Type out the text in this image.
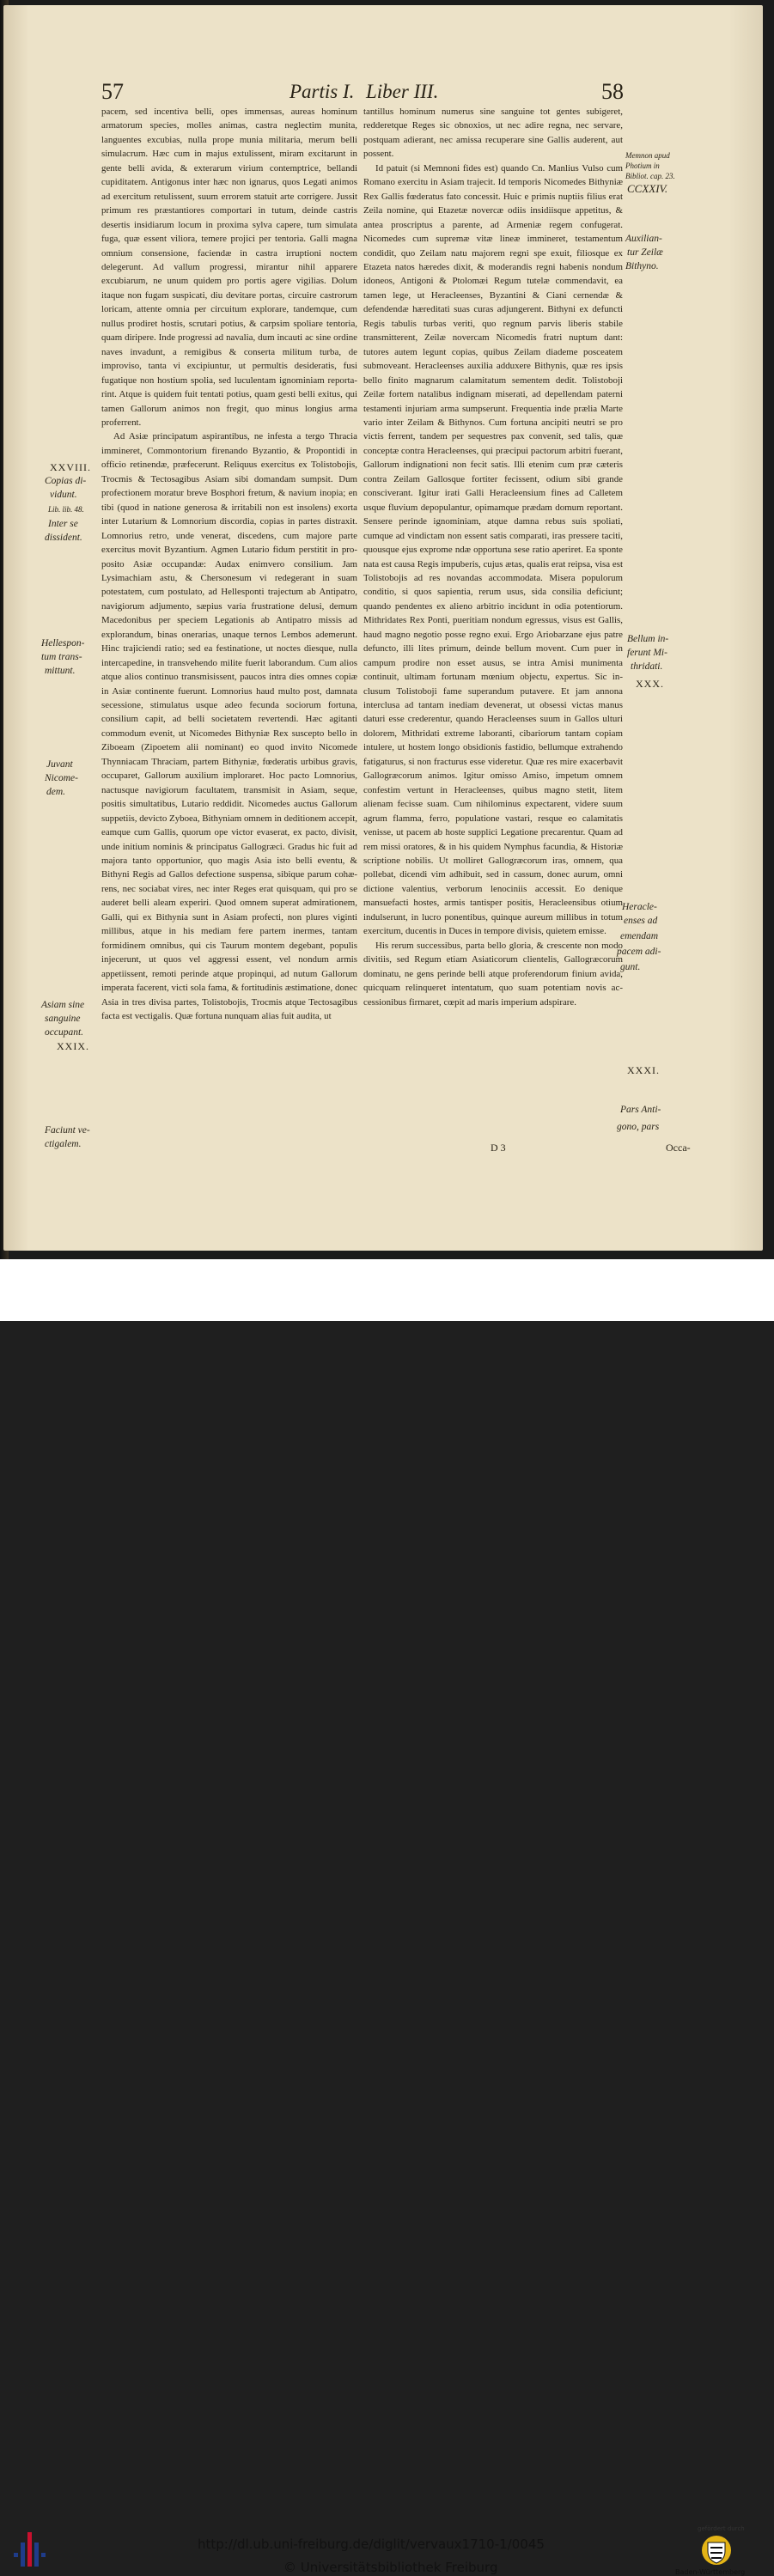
57	Partis I. Liber III.	58

pacem, sed incentiva belli, opes immensas, aureas hominum armatorum species, molles animas, castra neglectim munita, languentes excubias, nulla prope munia militaria, merum belli simulacrum. Hæc cum in majus extulissent, miram excitarunt in gente belli avida, & exterarum virium contemptrice, bellandi cupiditatem. Antigonus inter hæc non ignarus, quos Legati animos ad exercitum retulissent, suum errorem statuit arte corrigere. Jussit primum res præstantiores comportari in tutum, deinde castris desertis insidiarum locum in proxima sylva capere, tum simulata fuga, quæ essent viliora, temere projici per tentoria. Galli magna omnium consensione, faciendæ in castra irruptioni noctem delegerunt. Ad vallum progressi, mirantur nihil apparere excubiarum, ne unum quidem pro portis agere vigilias. Dolum itaque non fugam suspicati, diu devitare portas, circuire castrorum loricam, attente omnia per circuitum explorare, tandemque, cum nullus prodiret hostis, scrutari potius, & carpsim spoliare tentoria, quam diripere. Inde progressi ad navalia, dum incauti ac sine ordine naves invadunt, a remigibus & conserta militum turba, de improviso, tanta vi excipiuntur, ut permultis desideratis, fusi fugatique non hostium spolia, sed luculentam ignominiam reportarint. Atque is quidem fuit tentati potius, quam gesti belli exitus, qui tamen Gallorum animos non fregit, quo minus longius arma proferrent.

Ad Asiæ principatum aspirantibus, ne infesta a tergo Thracia immineret, Commontorium firenando Byzantio, & Propontidi in officio retinendæ, præfecerunt. Reliquus exercitus ex Tolistobojis, Trocmis & Tectosagibus Asiam sibi domandam sumpsit. Dum profectionem moratur breve Bosphori fretum, & navium inopia; en tibi (quod in natione generosa & irritabili non est insolens) exorta inter Lutarium & Lomnorium discordia, copias in partes distraxit. Lomnorius retro, unde venerat, discedens, cum majore parte exercitus movit Byzantium. Agmen Lutario fidum perstitit in proposito Asiæ occupandæ: Audax enimvero consilium. Jam Lysimachiam astu, & Chersonesum vi redegerant in suam potestatem, cum postulato, ad Hellesponti trajectum ab Antipatro, navigiorum adjumento, sæpius varia frustratione delusi, demum Macedonibus per speciem Legationis ab Antipatro missis ad explorandum, binas onerarias, unaque ternos Lembos ademerunt. Hinc trajiciendi ratio; sed ea festinatione, ut noctes diesque, nulla intercapedine, in transvehendo milite fuerit laborandum. Cum alios atque alios continuo transmisissent, paucos intra dies omnes copiæ in Asiæ continente fuerunt. Lomnorius haud multo post, damnata secessione, stimulatus usque adeo fecunda sociorum fortuna, consilium capit, ad belli societatem revertendi. Hæc agitanti commodum evenit, ut Nicomedes Bithyniæ Rex suscepto bello in Ziboeam (Zipoetem alii nominant) eo quod invito Nicomede Thynniacam Thraciam, partem Bithyniæ, fœderatis urbibus gravis, occuparet, Gallorum auxilium imploraret. Hoc pacto Lomnorius, nactusque navigiorum facultatem, transmisit in Asiam, seque, positis simultatibus, Lutario reddidit. Nicomedes auctus Gallorum suppetiis, devicto Zyboea, Bithyniam omnem in deditionem accepit, eamque cum Gallis, quorum ope victor evaserat, ex pacto, divisit, unde initium nominis & principatus Gallogræci. Gradus hic fuit ad majora tanto opportunior, quo magis Asia isto belli eventu, & Bithyni Regis ad Gallos defectione suspensa, sibique parum cohærens, nec sociabat vires, nec inter Reges erat quisquam, qui pro se auderet belli aleam experiri. Quod omnem superat admirationem, Galli, qui ex Bithynia sunt in Asiam profecti, non plures viginti millibus, atque in his mediam fere partem inermes, tantam formidinem omnibus, qui cis Taurum montem degebant, populis injecerunt, ut quos vel aggressi essent, vel nondum armis appetiissent, remoti perinde atque propinqui, ad nutum Gallorum imperata facerent, victi sola fama, & fortitudinis æstimatione, donec Asia in tres divisa partes, Tolistobojis, Trocmis atque Tectosagibus facta est vectigalis. Quæ fortuna nunquam alias fuit audita, ut

tantillus hominum numerus sine sanguine tot gentes subigeret, redderetque Reges sic obnoxios, ut nec adire regna, nec servare, postquam adierant, nec amissa recuperare sine Gallis auderent, aut possent.

Id patuit (si Memnoni fides est) quando Cn. Manlius Vulso cum Romano exercitu in Asiam trajecit. Id temporis Nicomedes Bithyniæ Rex Gallis fœderatus fato concessit. Huic e primis nuptiis filius erat Zeila nomine, qui Etazetæ novercæ odiis insidiisque appetitus, & antea proscriptus a parente, ad Armeniæ regem confugerat. Nicomedes cum supremæ vitæ lineæ immineret, testamentum condidit, quo Zeilam natu majorem regni spe exuit, filiosque ex Etazeta natos hæredes dixit, & moderandis regni habenis nondum idoneos, Antigoni & Ptolomæi Regum tutelæ commendavit, ea tamen lege, ut Heracleenses, Byzantini & Ciani cernendæ & defendendæ hæreditati suas curas adjungerent. Bithyni ex defuncti Regis tabulis turbas veriti, quo regnum parvis liberis stabile transmitterent, Zeilæ novercam Nicomedis fratri nuptum dant: tutores autem legunt copias, quibus Zeilam diademe posceatem submoveant. Heracleenses auxilia adduxere Bithynis, quæ res ipsis bello finito magnarum calamitatum sementem dedit. Tolistoboji Zeilæ fortem natalibus indignam miserati, ad depellendam paterni testamenti injuriam arma sumpserunt. Frequentia inde prælia Marte vario inter Zeilam & Bithynos. Cum fortuna ancipiti neutri se pro victis ferrent, tandem per sequestres pax convenit, sed talis, quæ conceptæ contra Heracleenses, qui præcipui pactorum arbitri fuerant, Gallorum indignationi non fecit satis. Illi etenim cum præ cæteris contra Zeilam Gallosque fortiter fecissent, odium sibi grande consciverant. Igitur irati Galli Heracleensium fines ad Calletem usque fluvium depopulantur, opimamque prædam domum reportant. Sensere perinde ignominiam, atque damna rebus suis spoliati, cumque ad vindictam non essent satis comparati, iras pressere taciti, quousque ejus exprome ndæ opportuna sese ratio aperiret. Ea sponte nata est causa Regis impuberis, cujus ætas, qualis erat reipsa, visa est Tolistobojis ad res novandas accommodata. Misera populorum conditio, si quos sapientia, rerum usus, sida consilia deficiunt; quando pendentes ex alieno arbitrio incidunt in odia potentiorum. Mithridates Rex Ponti, pueritiam nondum egressus, visus est Gallis, haud magno negotio posse regno exui. Ergo Ariobarzane ejus patre defuncto, illi lites primum, deinde bellum movent. Cum puer in campum prodire non esset ausus, se intra Amisi munimenta continuit, ultimam fortunam mœnium objectu, expertus. Sic inclusum Tolistoboji fame superandum putavere. Et jam annona interclusa ad tantam inediam devenerat, ut obsessi victas manus daturi esse crederentur, quando Heracleenses suum in Gallos ulturi dolorem, Mithridati extreme laboranti, cibariorum tantam copiam intulere, ut hostem longo obsidionis fastidio, bellumque extrahendo fatigaturus, si non fracturus esse videretur. Quæ res mire exacerbavit Gallogræcorum animos. Igitur omisso Amiso, impetum omnem confestim vertunt in Heracleenses, quibus magno stetit, litem alienam fecisse suam. Cum nihilominus expectarent, videre suum agrum flamma, ferro, populatione vastari, resque eo calamitatis venisse, ut pacem ab hoste supplici Legatione precarentur. Quam ad rem missi oratores, & in his quidem Nymphus facundia, & Historiæ scriptione nobilis. Ut molliret Gallogræcorum iras, omnem, qua pollebat, dicendi vim adhibuit, sed in cassum, donec aurum, omni dictione valentius, verborum lenociniis accessit. Eo denique mansuefacti hostes, armis tantisper positis, Heracleensibus otium indulserunt, in lucro ponentibus, quinque aureum millibus in totum exercitum, ducentis in Duces in tempore divisis, quietem emisse.

His rerum successibus, parta bello gloria, & crescente non modo divitiis, sed Regum etiam Asiaticorum clientelis, Gallogræcorum dominatu, ne gens perinde belli atque proferendorum finium avida, quicquam relinqueret intentatum, quo suam potentiam novis accessionibus firmaret, cœpit ad maris imperium adspirare.

XXVIII.
Copias di-
vidunt.
Lib. lib. 48.
Inter se
dissident.
Hellespon-
tum trans-
mittunt.
Juvant
Nicome-
dem.
Asiam sine
sanguine
occupant.
XXIX.
Faciunt ve-
ctigalem.
Memnon apud
Photium in
Bibliot. cap. 23.
CCXXIV.
Auxilian-
tur Zeilæ
Bithyno.
Bellum in-
ferunt Mi-
thridati.
XXX.
Heracle-
enses ad
emendam
pacem adi-
gunt.
XXXI.
Pars Anti-
gono, pars
D 3	Occa-
http://dl.ub.uni-freiburg.de/diglit/vervaux1710-1/0045
© Universitätsbibliothek Freiburg
gefördert durch
Baden-Württemberg
